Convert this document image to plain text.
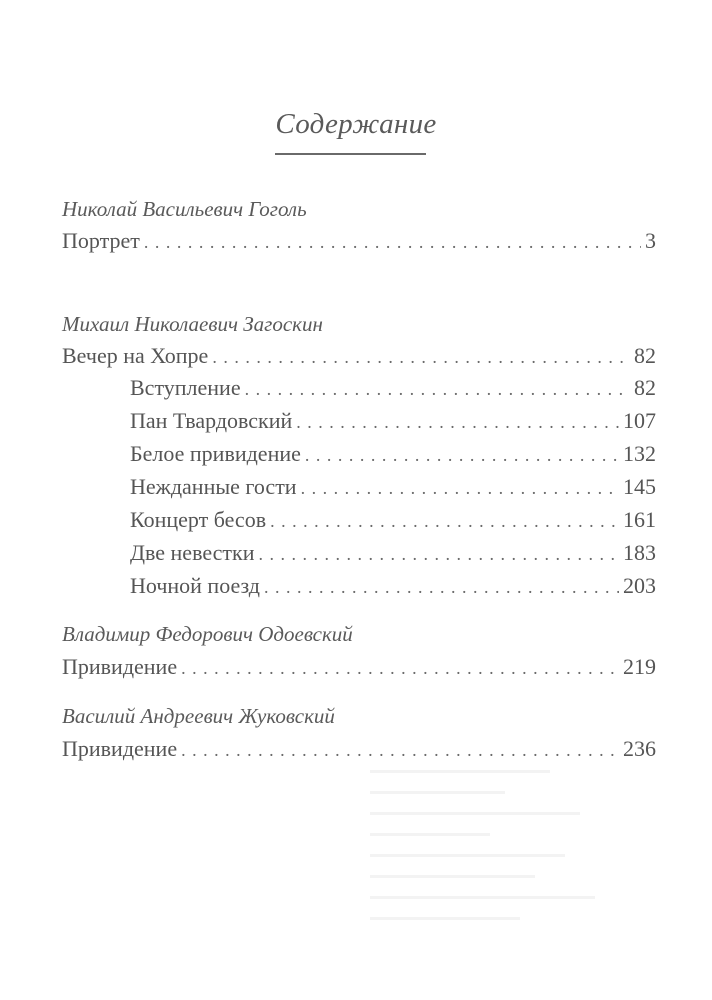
Содержание
Николай Васильевич Гоголь
Портрет . . .	3
Михаил Николаевич Загоскин
Вечер на Хопре . . .	82
Вступление . . .	82
Пан Твардовский . . .	107
Белое привидение . . .	132
Нежданные гости . . .	145
Концерт бесов . . .	161
Две невестки . . .	183
Ночной поезд . . .	203
Владимир Федорович Одоевский
Привидение . . .	219
Василий Андреевич Жуковский
Привидение . . .	236
